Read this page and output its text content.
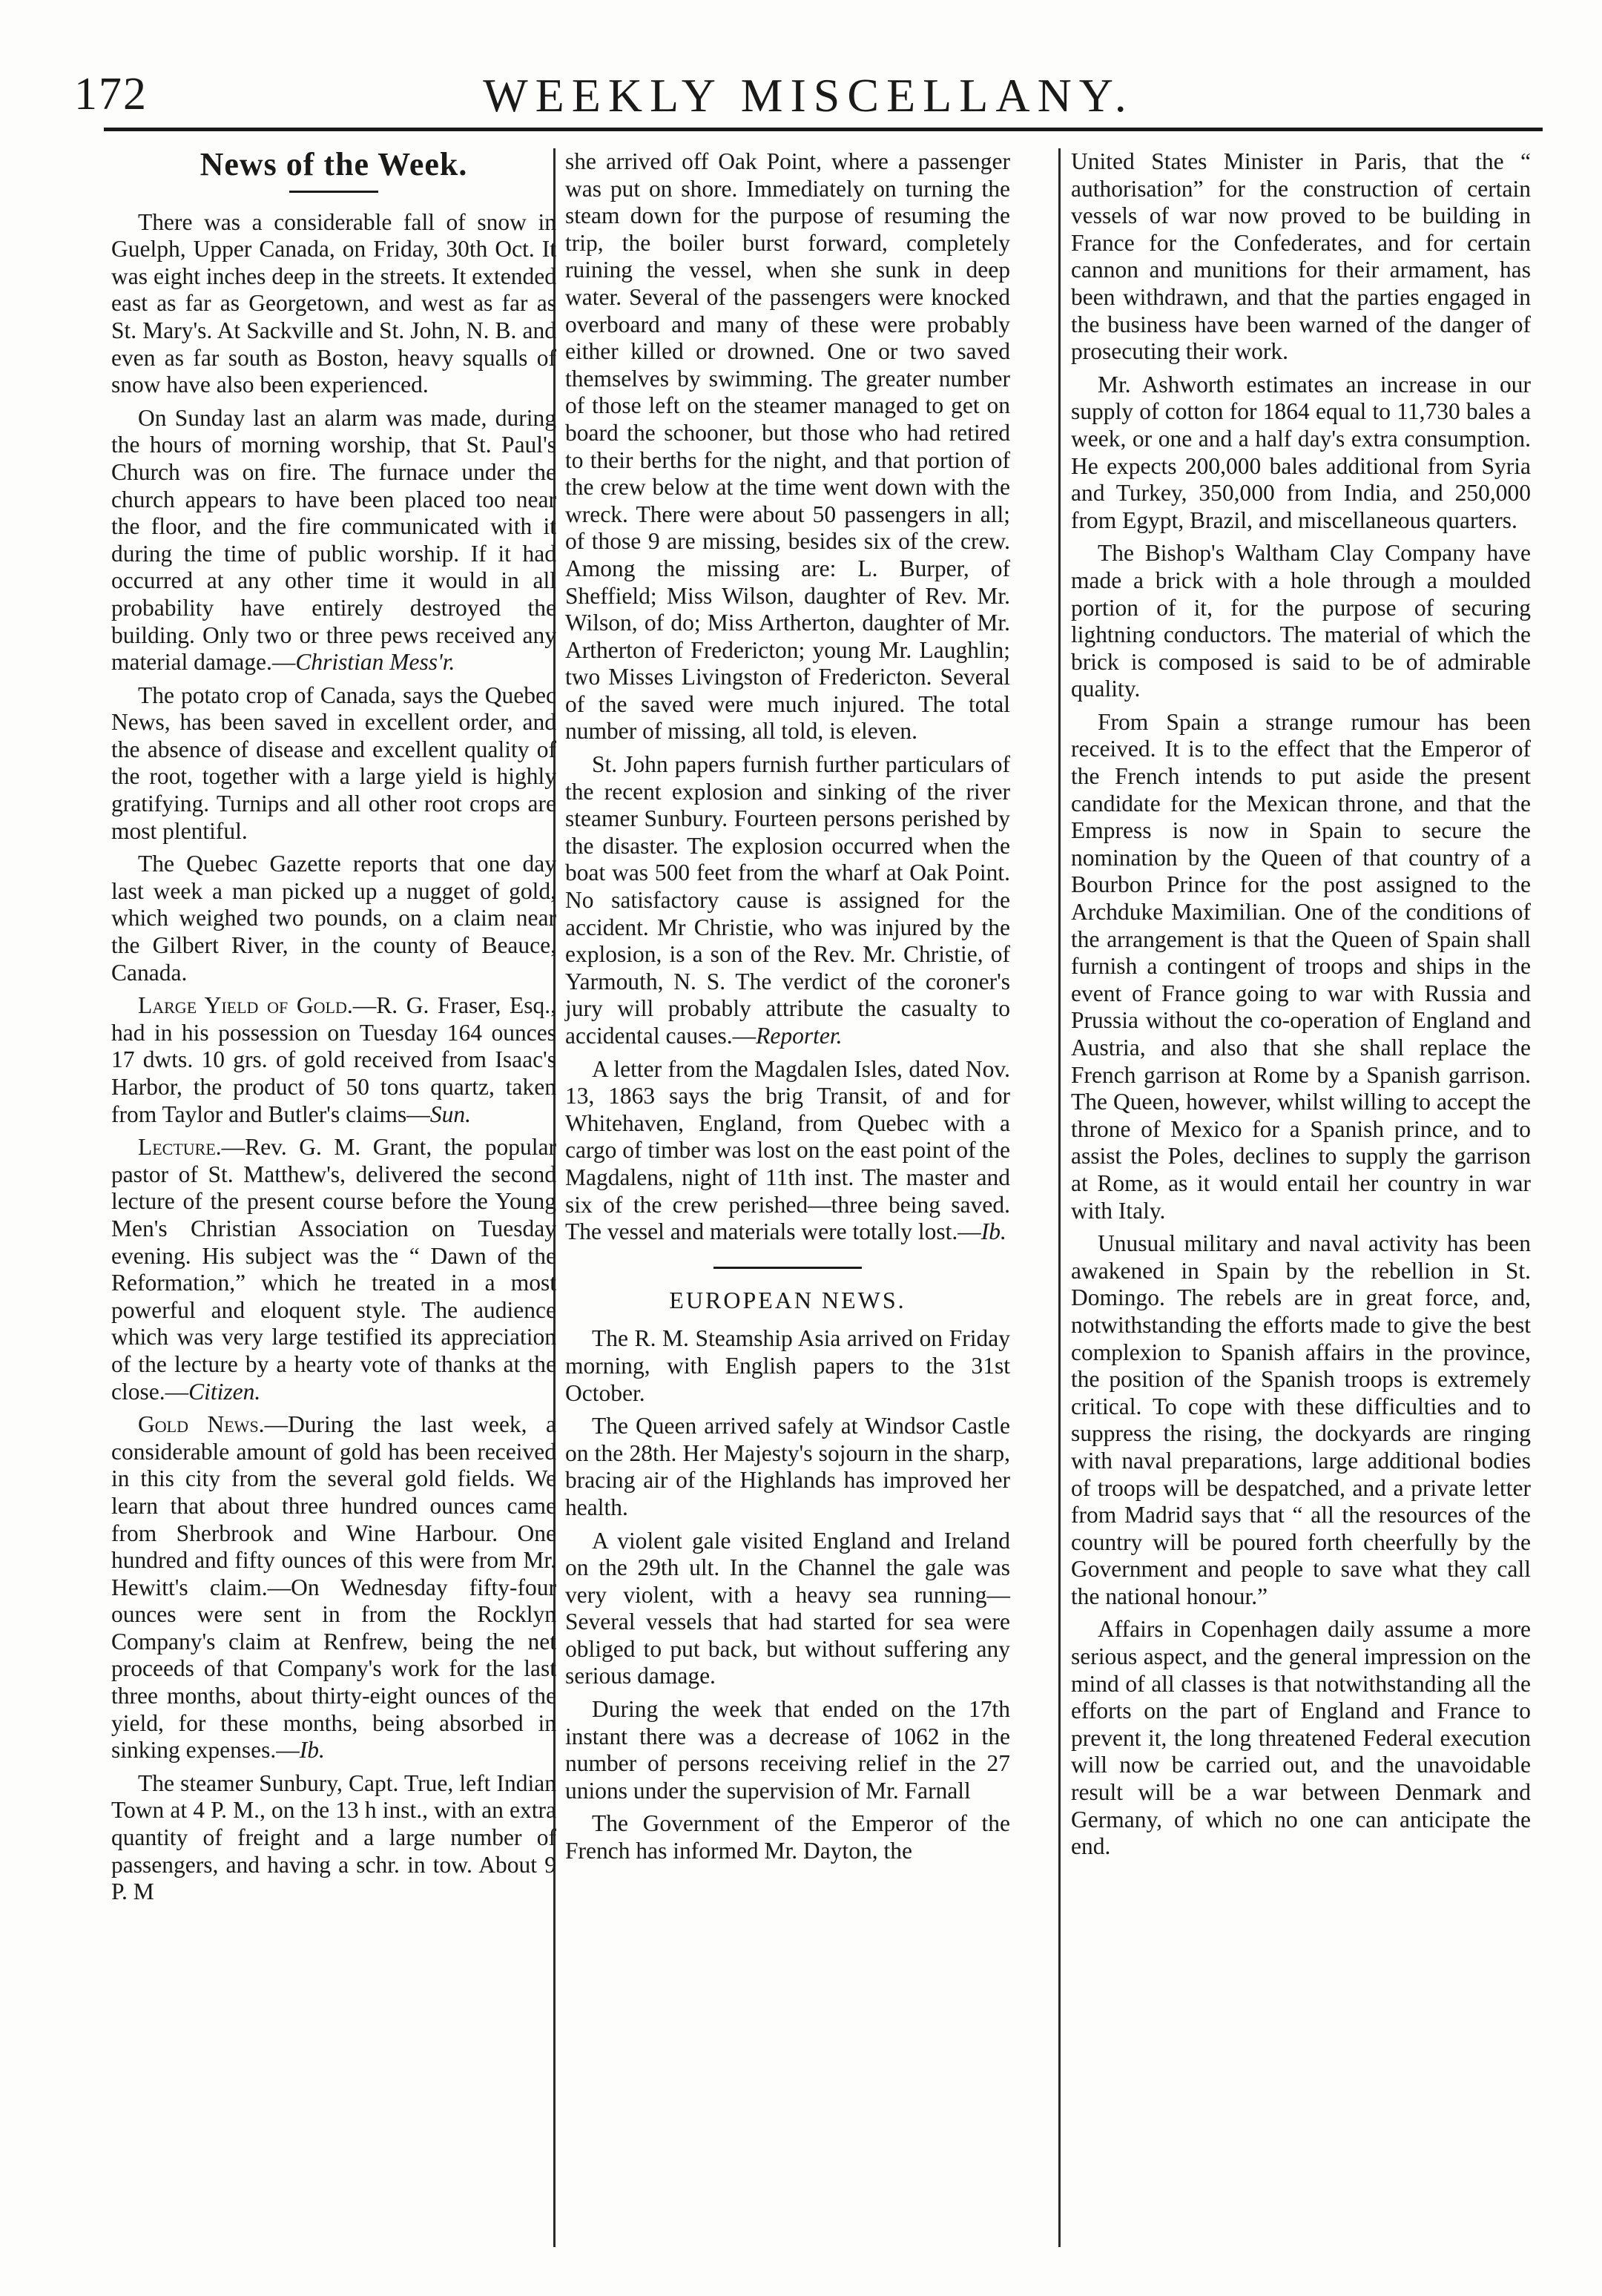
172	WEEKLY MISCELLANY.
News of the Week.

There was a considerable fall of snow in Guelph, Upper Canada, on Friday, 30th Oct. It was eight inches deep in the streets. It extended east as far as Georgetown, and west as far as St. Mary's. At Sackville and St. John, N. B. and even as far south as Boston, heavy squalls of snow have also been experienced.

On Sunday last an alarm was made, during the hours of morning worship, that St. Paul's Church was on fire. The furnace under the church appears to have been placed too near the floor, and the fire communicated with it during the time of public worship. If it had occurred at any other time it would in all probability have entirely destroyed the building. Only two or three pews received any material damage.—Christian Mess'r.

The potato crop of Canada, says the Quebec News, has been saved in excellent order, and the absence of disease and excellent quality of the root, together with a large yield is highly gratifying. Turnips and all other root crops are most plentiful.

The Quebec Gazette reports that one day last week a man picked up a nugget of gold, which weighed two pounds, on a claim near the Gilbert River, in the county of Beauce, Canada.

Large Yield of Gold.—R. G. Fraser, Esq., had in his possession on Tuesday 164 ounces 17 dwts. 10 grs. of gold received from Isaac's Harbor, the product of 50 tons quartz, taken from Taylor and Butler's claims—Sun.

Lecture.—Rev. G. M. Grant, the popular pastor of St. Matthew's, delivered the second lecture of the present course before the Young Men's Christian Association on Tuesday evening. His subject was the “ Dawn of the Reformation,” which he treated in a most powerful and eloquent style. The audience which was very large testified its appreciation of the lecture by a hearty vote of thanks at the close.—Citizen.

Gold News.—During the last week, a considerable amount of gold has been received in this city from the several gold fields. We learn that about three hundred ounces came from Sherbrook and Wine Harbour. One hundred and fifty ounces of this were from Mr. Hewitt's claim.—On Wednesday fifty-four ounces were sent in from the Rocklyn Company's claim at Renfrew, being the net proceeds of that Company's work for the last three months, about thirty-eight ounces of the yield, for these months, being absorbed in sinking expenses.—Ib.

The steamer Sunbury, Capt. True, left Indian Town at 4 P. M., on the 13 h inst., with an extra quantity of freight and a large number of passengers, and having a schr. in tow. About 9 P. M

she arrived off Oak Point, where a passenger was put on shore. Immediately on turning the steam down for the purpose of resuming the trip, the boiler burst forward, completely ruining the vessel, when she sunk in deep water. Several of the passengers were knocked overboard and many of these were probably either killed or drowned. One or two saved themselves by swimming. The greater number of those left on the steamer managed to get on board the schooner, but those who had retired to their berths for the night, and that portion of the crew below at the time went down with the wreck. There were about 50 passengers in all; of those 9 are missing, besides six of the crew. Among the missing are: L. Burper, of Sheffield; Miss Wilson, daughter of Rev. Mr. Wilson, of do; Miss Artherton, daughter of Mr. Artherton of Fredericton; young Mr. Laughlin; two Misses Livingston of Fredericton. Several of the saved were much injured. The total number of missing, all told, is eleven.

St. John papers furnish further particulars of the recent explosion and sinking of the river steamer Sunbury. Fourteen persons perished by the disaster. The explosion occurred when the boat was 500 feet from the wharf at Oak Point. No satisfactory cause is assigned for the accident. Mr Christie, who was injured by the explosion, is a son of the Rev. Mr. Christie, of Yarmouth, N. S. The verdict of the coroner's jury will probably attribute the casualty to accidental causes.—Reporter.

A letter from the Magdalen Isles, dated Nov. 13, 1863 says the brig Transit, of and for Whitehaven, England, from Quebec with a cargo of timber was lost on the east point of the Magdalens, night of 11th inst. The master and six of the crew perished—three being saved. The vessel and materials were totally lost.—Ib.

EUROPEAN NEWS.

The R. M. Steamship Asia arrived on Friday morning, with English papers to the 31st October.

The Queen arrived safely at Windsor Castle on the 28th. Her Majesty's sojourn in the sharp, bracing air of the Highlands has improved her health.

A violent gale visited England and Ireland on the 29th ult. In the Channel the gale was very violent, with a heavy sea running—Several vessels that had started for sea were obliged to put back, but without suffering any serious damage.

During the week that ended on the 17th instant there was a decrease of 1062 in the number of persons receiving relief in the 27 unions under the supervision of Mr. Farnall

The Government of the Emperor of the French has informed Mr. Dayton, the

United States Minister in Paris, that the “ authorisation” for the construction of certain vessels of war now proved to be building in France for the Confederates, and for certain cannon and munitions for their armament, has been withdrawn, and that the parties engaged in the business have been warned of the danger of prosecuting their work.

Mr. Ashworth estimates an increase in our supply of cotton for 1864 equal to 11,730 bales a week, or one and a half day's extra consumption. He expects 200,000 bales additional from Syria and Turkey, 350,000 from India, and 250,000 from Egypt, Brazil, and miscellaneous quarters.

The Bishop's Waltham Clay Company have made a brick with a hole through a moulded portion of it, for the purpose of securing lightning conductors. The material of which the brick is composed is said to be of admirable quality.

From Spain a strange rumour has been received. It is to the effect that the Emperor of the French intends to put aside the present candidate for the Mexican throne, and that the Empress is now in Spain to secure the nomination by the Queen of that country of a Bourbon Prince for the post assigned to the Archduke Maximilian. One of the conditions of the arrangement is that the Queen of Spain shall furnish a contingent of troops and ships in the event of France going to war with Russia and Prussia without the co-operation of England and Austria, and also that she shall replace the French garrison at Rome by a Spanish garrison. The Queen, however, whilst willing to accept the throne of Mexico for a Spanish prince, and to assist the Poles, declines to supply the garrison at Rome, as it would entail her country in war with Italy.

Unusual military and naval activity has been awakened in Spain by the rebellion in St. Domingo. The rebels are in great force, and, notwithstanding the efforts made to give the best complexion to Spanish affairs in the province, the position of the Spanish troops is extremely critical. To cope with these difficulties and to suppress the rising, the dockyards are ringing with naval preparations, large additional bodies of troops will be despatched, and a private letter from Madrid says that “ all the resources of the country will be poured forth cheerfully by the Government and people to save what they call the national honour.”

Affairs in Copenhagen daily assume a more serious aspect, and the general impression on the mind of all classes is that notwithstanding all the efforts on the part of England and France to prevent it, the long threatened Federal execution will now be carried out, and the unavoidable result will be a war between Denmark and Germany, of which no one can anticipate the end.
